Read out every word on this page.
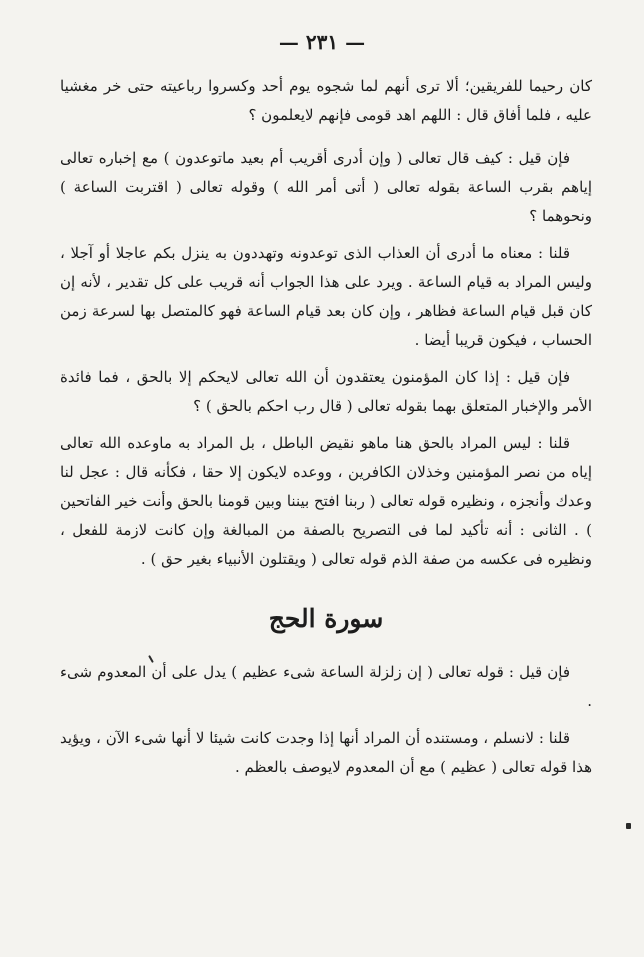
— ٢٣١ —

كان رحيما للفريقين؛ ألا ترى أنهم لما شجوه يوم أحد وكسروا رباعيته حتى خر مغشيا عليه ، فلما أفاق قال : اللهم اهد قومى فإنهم لايعلمون ؟

فإن قيل : كيف قال تعالى ( وإن أدرى أقريب أم بعيد ماتوعدون ) مع إخباره تعالى إياهم بقرب الساعة بقوله تعالى ( أتى أمر الله ) وقوله تعالى ( اقتربت الساعة ) ونحوهما ؟

قلنا : معناه ما أدرى أن العذاب الذى توعدونه وتهددون به ينزل بكم عاجلا أو آجلا ، وليس المراد به قيام الساعة . ويرد على هذا الجواب أنه قريب على كل تقدير ، لأنه إن كان قبل قيام الساعة فظاهر ، وإن كان بعد قيام الساعة فهو كالمتصل بها لسرعة زمن الحساب ، فيكون قريبا أيضا .

فإن قيل : إذا كان المؤمنون يعتقدون أن الله تعالى لايحكم إلا بالحق ، فما فائدة الأمر والإخبار المتعلق بهما بقوله تعالى ( قال رب احكم بالحق ) ؟

قلنا : ليس المراد بالحق هنا ماهو نقيض الباطل ، بل المراد به ماوعده الله تعالى إياه من نصر المؤمنين وخذلان الكافرين ، ووعده لايكون إلا حقا ، فكأنه قال : عجل لنا وعدك وأنجزه ، ونظيره قوله تعالى ( ربنا افتح بيننا وبين قومنا بالحق وأنت خير الفاتحين ) . الثانى : أنه تأكيد لما فى التصريح بالصفة من المبالغة وإن كانت لازمة للفعل ، ونظيره فى عكسه من صفة الذم قوله تعالى ( ويقتلون الأنبياء بغير حق ) .

سورة الحج

فإن قيل : قوله تعالى ( إن زلزلة الساعة شىء عظيم ) يدل على أن المعدوم شىء .

قلنا : لانسلم ، ومستنده أن المراد أنها إذا وجدت كانت شيئا لا أنها شىء الآن ، ويؤيد هذا قوله تعالى ( عظيم ) مع أن المعدوم لايوصف بالعظم .
